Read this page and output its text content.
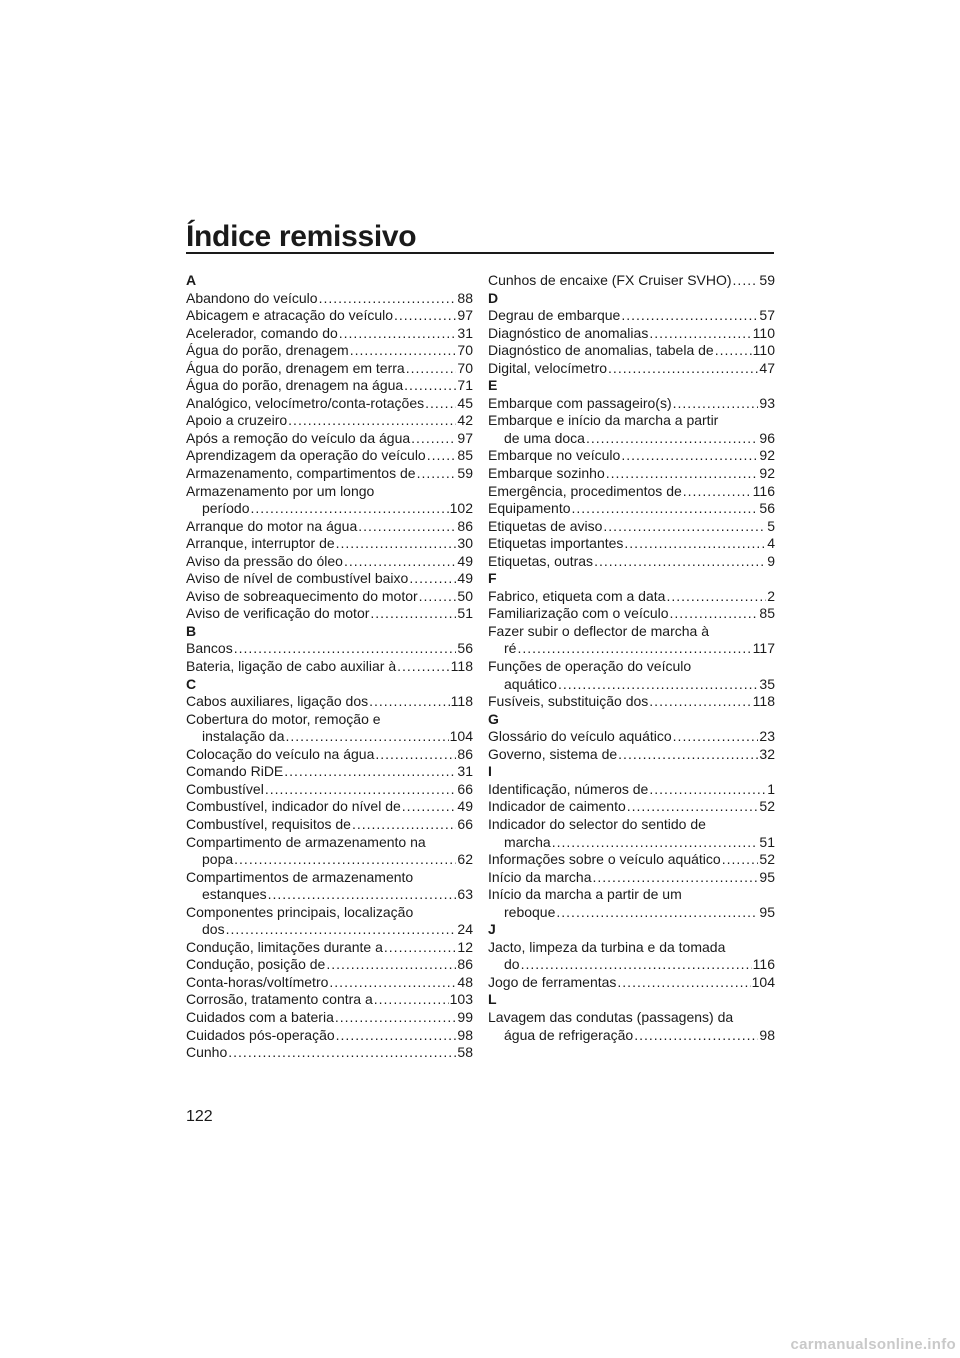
Índice remissivo
A
Abandono do veículo .....	88
Abicagem e atracação do veículo .....	97
Acelerador, comando do .....	31
Água do porão, drenagem .....	70
Água do porão, drenagem em terra .....	70
Água do porão, drenagem na água .....	71
Analógico, velocímetro/conta-rotações ..... 45
Apoio a cruzeiro .....	42
Após a remoção do veículo da água .....	97
Aprendizagem da operação do veículo ..... 85
Armazenamento, compartimentos de .....	59
Armazenamento por um longo
período .....	102
Arranque do motor na água .....	86
Arranque, interruptor de .....	30
Aviso da pressão do óleo .....	49
Aviso de nível de combustível baixo .....	49
Aviso de sobreaquecimento do motor .....	50
Aviso de verificação do motor .....	51
B
Bancos .....	56
Bateria, ligação de cabo auxiliar à .....	118
C
Cabos auxiliares, ligação dos .....	118
Cobertura do motor, remoção e
instalação da .....	104
Colocação do veículo na água .....	86
Comando RiDE .....	31
Combustível .....	66
Combustível, indicador do nível de .....	49
Combustível, requisitos de .....	66
Compartimento de armazenamento na
popa .....	62
Compartimentos de armazenamento
estanques .....	63
Componentes principais, localização
dos .....	24
Condução, limitações durante a .....	12
Condução, posição de .....	86
Conta-horas/voltímetro .....	48
Corrosão, tratamento contra a .....	103
Cuidados com a bateria .....	99
Cuidados pós-operação .....	98
Cunho .....	58
Cunhos de encaixe (FX Cruiser SVHO) ..... 59
D
Degrau de embarque .....	57
Diagnóstico de anomalias .....	110
Diagnóstico de anomalias, tabela de .....	110
Digital, velocímetro .....	47
E
Embarque com passageiro(s) .....	93
Embarque e início da marcha a partir
de uma doca .....	96
Embarque no veículo .....	92
Embarque sozinho .....	92
Emergência, procedimentos de .....	116
Equipamento .....	56
Etiquetas de aviso .....	5
Etiquetas importantes .....	4
Etiquetas, outras .....	9
F
Fabrico, etiqueta com a data .....	2
Familiarização com o veículo .....	85
Fazer subir o deflector de marcha à
ré .....	117
Funções de operação do veículo
aquático .....	35
Fusíveis, substituição dos .....	118
G
Glossário do veículo aquático .....	23
Governo, sistema de .....	32
I
Identificação, números de .....	1
Indicador de caimento .....	52
Indicador do selector do sentido de
marcha .....	51
Informações sobre o veículo aquático .....	52
Início da marcha .....	95
Início da marcha a partir de um
reboque .....	95
J
Jacto, limpeza da turbina e da tomada
do .....	116
Jogo de ferramentas .....	104
L
Lavagem das condutas (passagens) da
água de refrigeração .....	98
122
carmanualsonline.info
